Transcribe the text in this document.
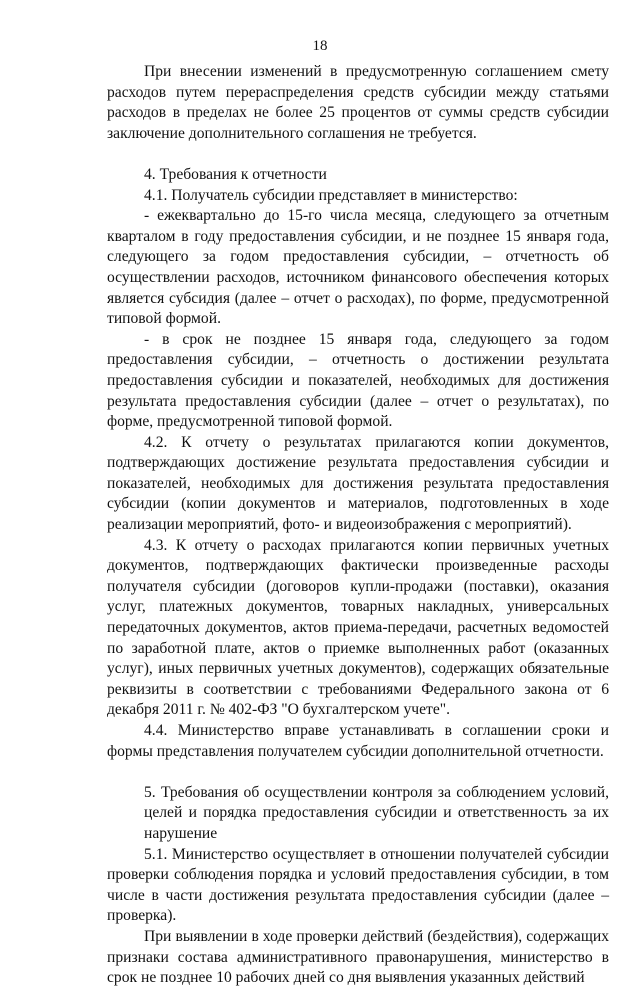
18

При внесении изменений в предусмотренную соглашением смету расходов путем перераспределения средств субсидии между статьями расходов в пределах не более 25 процентов от суммы средств субсидии заключение дополнительного соглашения не требуется.

4. Требования к отчетности

4.1. Получатель субсидии представляет в министерство:

- ежеквартально до 15-го числа месяца, следующего за отчетным кварталом в году предоставления субсидии, и не позднее 15 января года, следующего за годом предоставления субсидии, – отчетность об осуществлении расходов, источником финансового обеспечения которых является субсидия (далее – отчет о расходах), по форме, предусмотренной типовой формой.

- в срок не позднее 15 января года, следующего за годом предоставления субсидии, – отчетность о достижении результата предоставления субсидии и показателей, необходимых для достижения результата предоставления субсидии (далее – отчет о результатах), по форме, предусмотренной типовой формой.

4.2. К отчету о результатах прилагаются копии документов, подтверждающих достижение результата предоставления субсидии и показателей, необходимых для достижения результата предоставления субсидии (копии документов и материалов, подготовленных в ходе реализации мероприятий, фото- и видеоизображения с мероприятий).

4.3. К отчету о расходах прилагаются копии первичных учетных документов, подтверждающих фактически произведенные расходы получателя субсидии (договоров купли-продажи (поставки), оказания услуг, платежных документов, товарных накладных, универсальных передаточных документов, актов приема-передачи, расчетных ведомостей по заработной плате, актов о приемке выполненных работ (оказанных услуг), иных первичных учетных документов), содержащих обязательные реквизиты в соответствии с требованиями Федерального закона от 6 декабря 2011 г. № 402-ФЗ "О бухгалтерском учете".

4.4. Министерство вправе устанавливать в соглашении сроки и формы представления получателем субсидии дополнительной отчетности.

5. Требования об осуществлении контроля за соблюдением условий, целей и порядка предоставления субсидии и ответственность за их нарушение

5.1. Министерство осуществляет в отношении получателей субсидии проверки соблюдения порядка и условий предоставления субсидии, в том числе в части достижения результата предоставления субсидии (далее – проверка).

При выявлении в ходе проверки действий (бездействия), содержащих признаки состава административного правонарушения, министерство в срок не позднее 10 рабочих дней со дня выявления указанных действий
